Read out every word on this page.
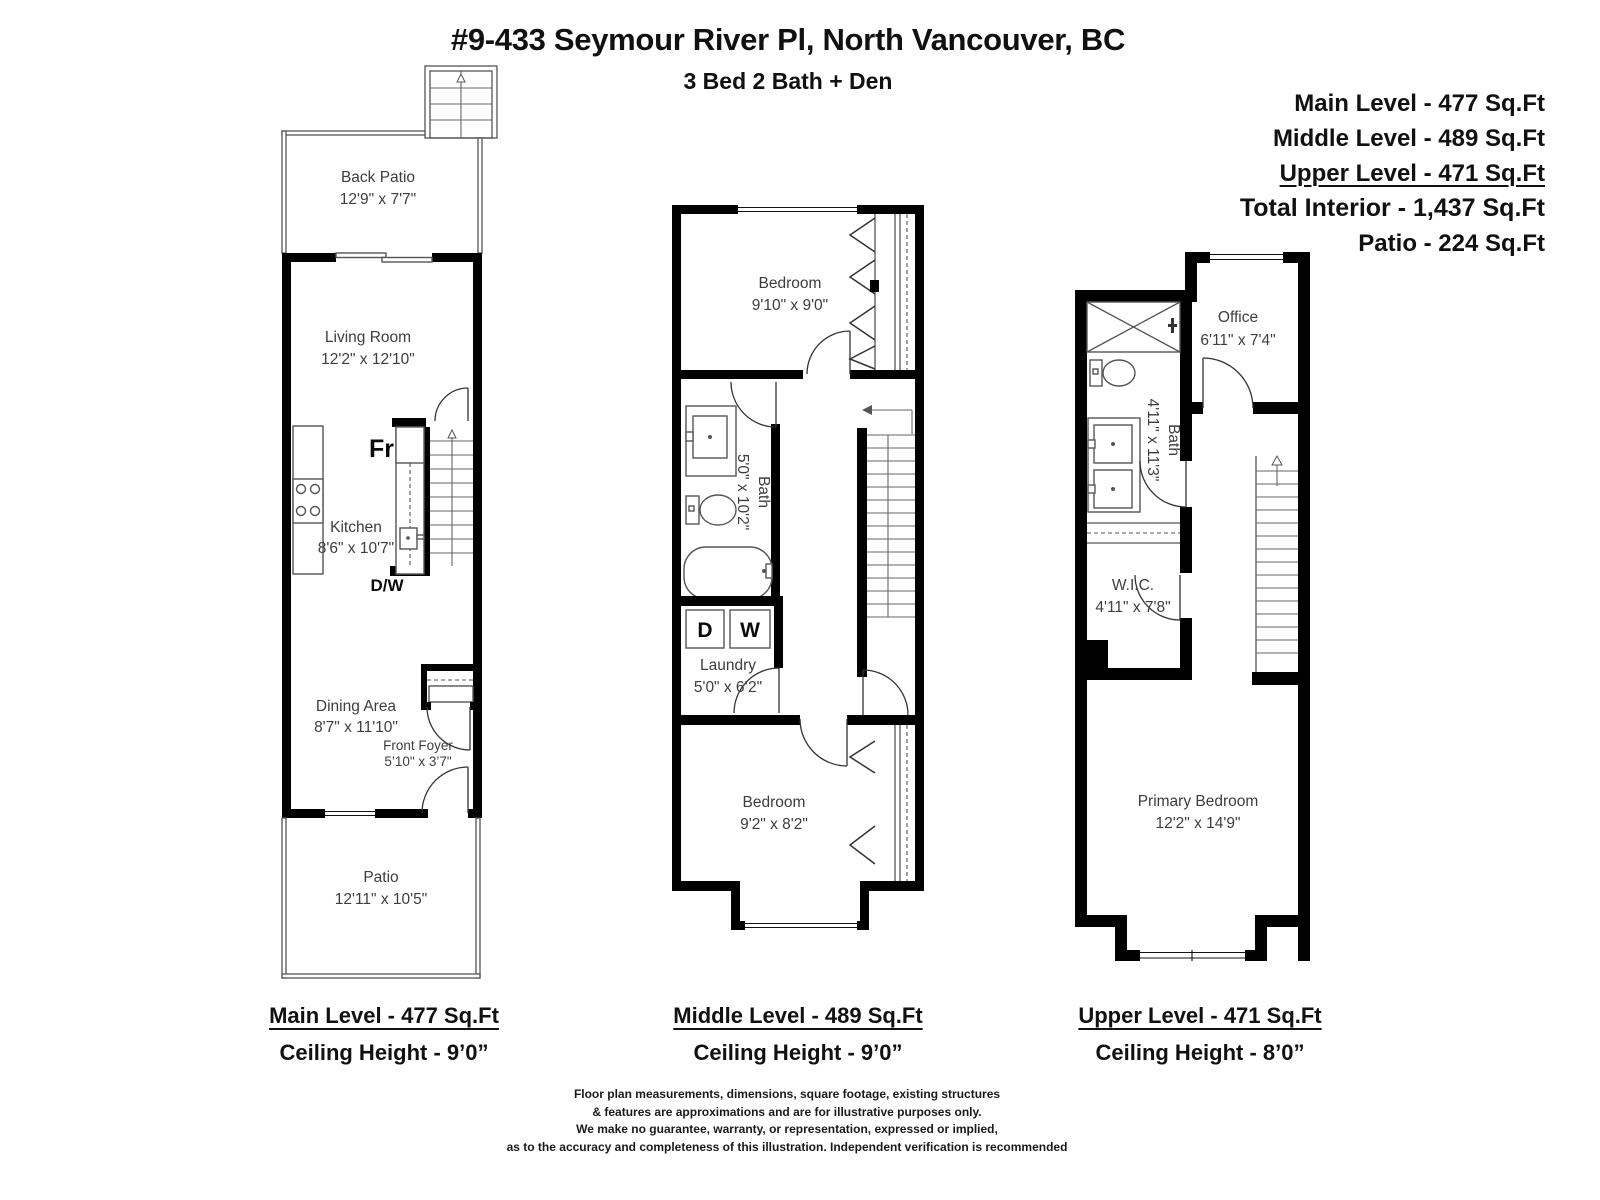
#9-433 Seymour River Pl, North Vancouver, BC
3 Bed 2 Bath + Den
Main Level - 477 Sq.Ft
Middle Level - 489 Sq.Ft
Upper Level - 471 Sq.Ft
Total Interior - 1,437 Sq.Ft
Patio - 224 Sq.Ft
Back Patio
12'9" x 7'7"
Living Room
12'2" x 12'10"
Fr
Kitchen
8'6" x 10'7"
D/W
Dining Area
8'7" x 11'10"
Front Foyer
5’10" x 3’7"
Patio
12'11" x 10'5"
Bedroom
9'10" x 9'0"
5'0" x 10'2" Bath
D W
Laundry
5'0" x 6’2"
Bedroom
9'2" x 8'2"
Office
6'11" x 7'4"
4'11" x 11'3" Bath
W.I.C.
4'11" x 7'8"
Primary Bedroom
12'2" x 14'9"
Main Level - 477 Sq.Ft
Ceiling Height - 9’0”
Middle Level - 489 Sq.Ft
Ceiling Height - 9’0”
Upper Level - 471 Sq.Ft
Ceiling Height - 8’0”
Floor plan measurements, dimensions, square footage, existing structures
& features are approximations and are for illustrative purposes only.
We make no guarantee, warranty, or representation, expressed or implied,
as to the accuracy and completeness of this illustration. Independent verification is recommended
